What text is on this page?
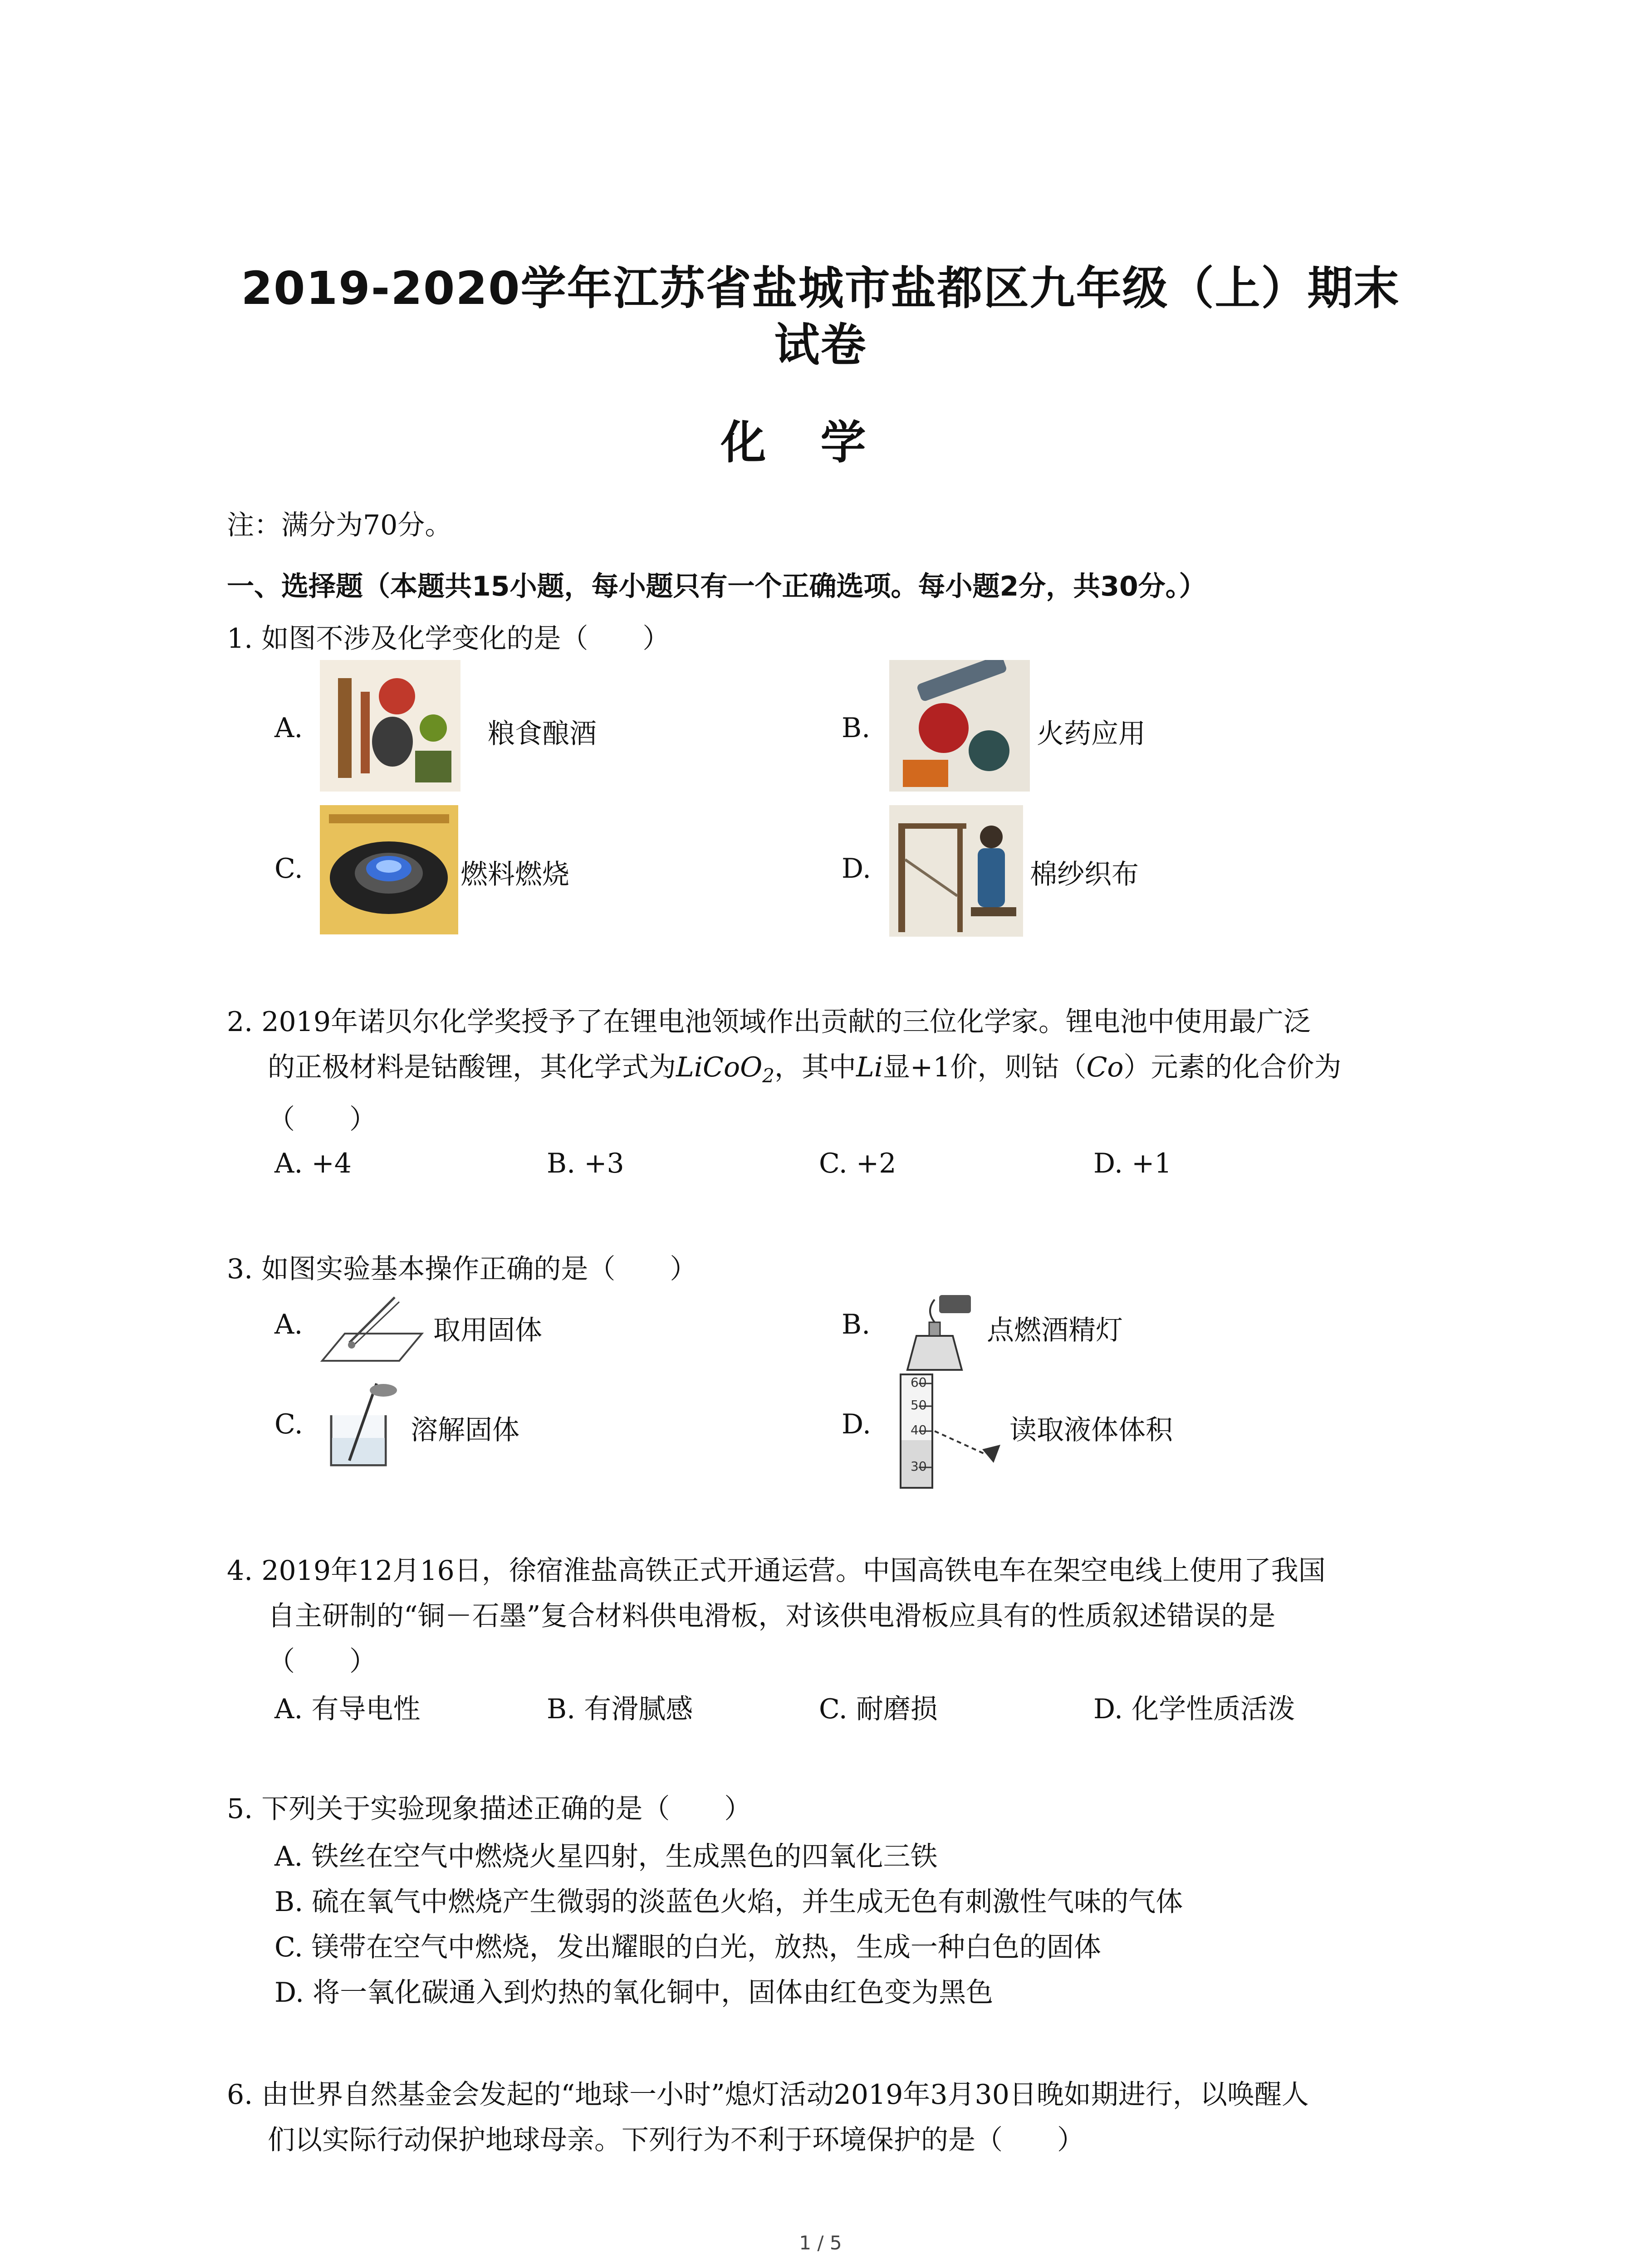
2019-2020学年江苏省盐城市盐都区九年级（上）期末
试卷
化学
注：满分为70分。
一、选择题（本题共15小题，每小题只有一个正确选项。每小题2分，共30分。）
1. 如图不涉及化学变化的是（　　）
A.	粮食酿酒	B.	火药应用
C.	燃料燃烧	D.	棉纱织布
2. 2019年诺贝尔化学奖授予了在锂电池领域作出贡献的三位化学家。锂电池中使用最广泛
的正极材料是钴酸锂，其化学式为LiCoO$_2$，其中Li显+1价，则钴（Co）元素的化合价为
（　　）
A. +4	B. +3	C. +2	D. +1
3. 如图实验基本操作正确的是（　　）
A.	取用固体	B.	点燃酒精灯
C.	溶解固体	D.
60
50
40
30
读取液体体积
4. 2019年12月16日，徐宿淮盐高铁正式开通运营。中国高铁电车在架空电线上使用了我国
自主研制的“铜－石墨”复合材料供电滑板，对该供电滑板应具有的性质叙述错误的是
（　　）
A. 有导电性	B. 有滑腻感	C. 耐磨损	D. 化学性质活泼
5. 下列关于实验现象描述正确的是（　　）
A. 铁丝在空气中燃烧火星四射，生成黑色的四氧化三铁
B. 硫在氧气中燃烧产生微弱的淡蓝色火焰，并生成无色有刺激性气味的气体
C. 镁带在空气中燃烧，发出耀眼的白光，放热，生成一种白色的固体
D. 将一氧化碳通入到灼热的氧化铜中，固体由红色变为黑色
6. 由世界自然基金会发起的“地球一小时”熄灯活动2019年3月30日晚如期进行，以唤醒人
们以实际行动保护地球母亲。下列行为不利于环境保护的是（　　）
1 / 5
